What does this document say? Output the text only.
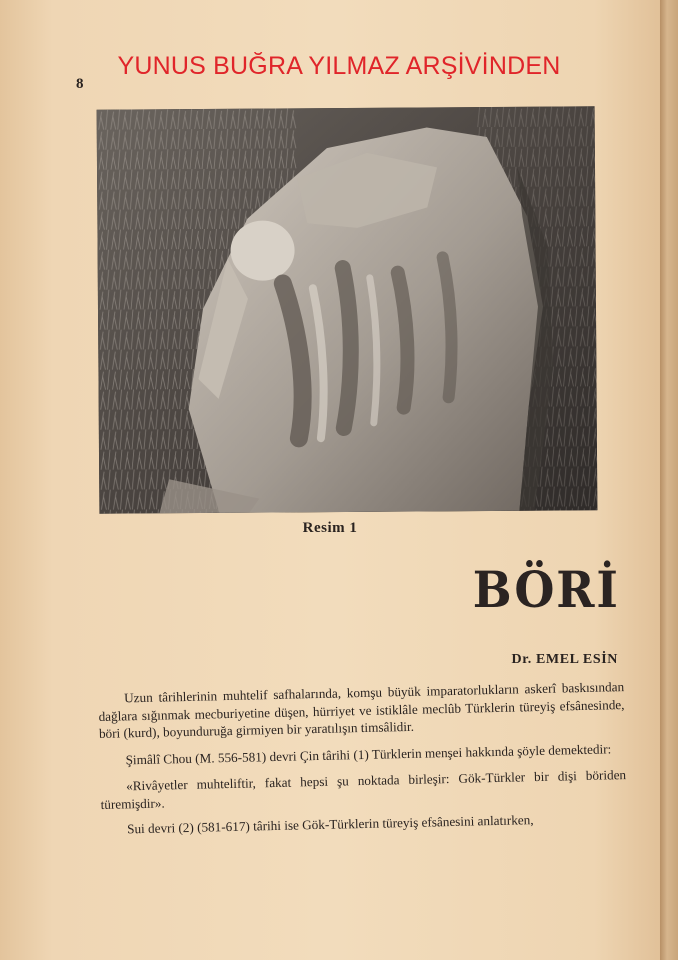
YUNUS BUĞRA YILMAZ ARŞİVİNDEN
8
Resim 1
BÖRİ
Dr. EMEL ESİN

Uzun târihlerinin muhtelif safhalarında, komşu büyük imparatorlukların askerî baskısından dağlara sığınmak mecburiyetine düşen, hürriyet ve istiklâle meclûb Türklerin türeyiş efsânesinde, böri (kurd), boyunduruğa girmiyen bir yaratılışın timsâlidir.

Şimâlî Chou (M. 556-581) devri Çin târihi (1) Türklerin menşei hakkında şöyle demektedir:

«Rivâyetler muhteliftir, fakat hepsi şu noktada birleşir: Gök-Türkler bir dişi böriden türemişdir».

Sui devri (2) (581-617) târihi ise Gök-Türklerin türeyiş efsânesini anlatırken,
